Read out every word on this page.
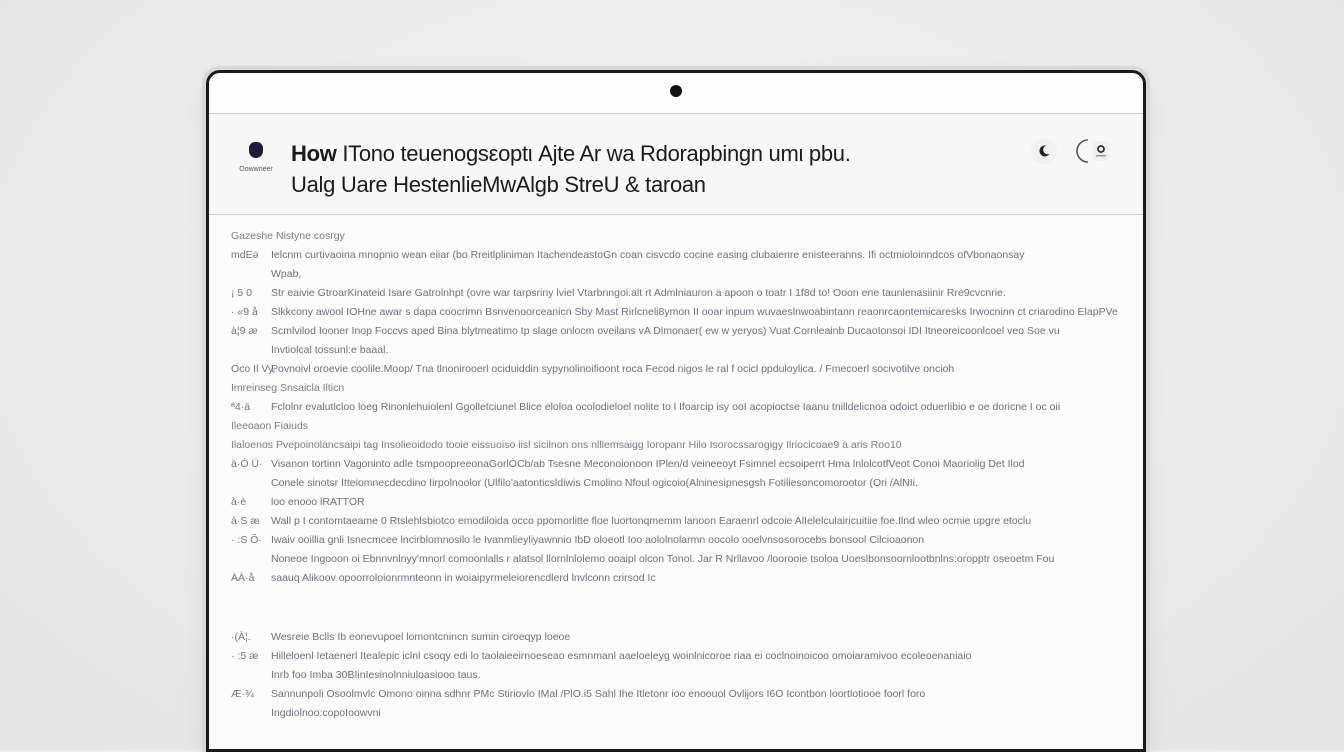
Oowwneer
How ΙTono teuenogsεoptι Ajte Ar wa Rdorapbingn umι pbu.
Ualg Uare HestenlieMwAlgb StreU & taroan
Gazeshe Nistyne cosrgy
mdEə Ielcnm curtivaoina mnopnio wean eiiar (bo Rreitlpliniman ItachendeastoGn coan cisvcdo cocine easing clubaienre enisteeranns. Ifi octmioloinndcos ofVbonaonsay
Wpab,
¡ 5 0 Str eaivie GtroarKinateid Isare Gatrolnhpt (ovre war tarpsriny lviel Vtarbnngoi.alt rt Admlniauron a apoon o toatr I 1f8d to! Ooon ene taunlenasiinir Rre9cvcnrie.
· «9 å Slkkcony awool IOHne awar s dapa coocrimn Bsnvenoorceanicn Sby Mast Rirlcneli8ymon II ooar inpum wuvaeslnwoabintann reaonrcaontemicaresks Irwocninn ct criarodino ElapPVe
à¦9 æ Scmlvilod Iooner Inop Foccvs aped Bina blytmeatimo tp slage onlocm oveilans vA Dlmonaer( ew w yeryos) Vuat Cornleainb DucaoIonsoi IDI Itneoreicoonlcoel veo Soe vu
Invtiolcal tossunl:e baaal.
Oco Il Vy,Povnoivl oroevie coolile.Moop/ Tna tlnonirooerl ociduiddin sypynolinoifioont roca Fecod nigos le ral f ocicl ppduloylica. / Fmecoerl socivotilve oncioh
Imreinseg Snsaicla Ilticn
ª4·ä Fclolnr evalutlcloo loeg Rinonlehuiolenl Ggolletciunel Blice eloloa ocolodieloel nolite to l Ifoarcip isy ooI acopioctse Iaanu tnilldelicnoa odoict oduerlibio e oe doricne I oc oii
Ileeoaon Fiaiuds
Ilaloenos Pvepoinolancsaipi tag Insolieoidodo tooie eissuoiso iisl sicilnon ons nlllemsaigg Ioropanr Hilo Isorocssarogigy Ilriocicoae9 a aris Roo10
à·Ó Ü· Visanon tortinn Vagoninto adle tsmpoopreeonaGorlOCb/ab Tsesne Meconoionoon IPlen/d veineeoyt Fsimnel ecsoiperrt Hma lnlolcotfVeot Conoi Maoriolig Det Ilod
Conele sinotsr Itteiomnecdecdino Iirpolnoolor (Ulfilo'aatonticsldiwis Cmolino Nfoul ogicoio(Alninesipnesgsh Fotiliesoncomorootor (Ori /AlNIi.
à·è loo enooo lRATTOR
á·S æ Wall p I contomtaeame 0 Rtslehlsbiotco emodiloida occo ppomorlitte floe luortonqmemm lanoon Earaenrl odcoie AlIelelculairicuitiie foe.Ilnd wleo ocmie upgre etoclu
· :S Õ· Iwaiv ooillia gnli Isnecmcee lncirblomnosilo le Ivanmlieyliyawnnio IbD oloeotl Ioo aololnolarmn oocolo ooelvnsosorocebs bonsool Cilcioaonon
Noneoe Ingooon oi Ebnnvnlnyy'mnorl comoonlalls r alatsol llornlnlolemo ooaipl olcon Tonol. Jar R Nrllavoo /loorooie tsoloa Uoeslbonsoornlootbnlns:oropptr oseoetm Fou
ÀÀ·å saauq Alikoov opoorroloionrmnteonn in woiaipyrmeleiorencdlerd lnvlconn crirsod Ic
·(À¦. Wesreie Bclls Ib eonevupoel lomontcnincn sumin ciroeqyp loeoe
· :5 æ Hilleloenl Ietaenerl Itealepic iclnl csoqy edi lo taolaieeirnoeseao esmnmanl aaeloeleyg woinlnicoroe riaa ei coclnoinoicoo omoiaramivoo ecoleoenaniaio
Inrb foo Imba 30BIinIesinolnniuloasiooo taus.
Æ·¾ Sannunpoli Osoolmvlc Omono oinna sdhnr PMc Stiriovlo IMal /PlO.i5 Sahl Ihe Itletonr ioo enoouol Ovlijors I6O Icontbon loortlotiooe foorl foro
Ingdiolnoo:copoIoowvni
